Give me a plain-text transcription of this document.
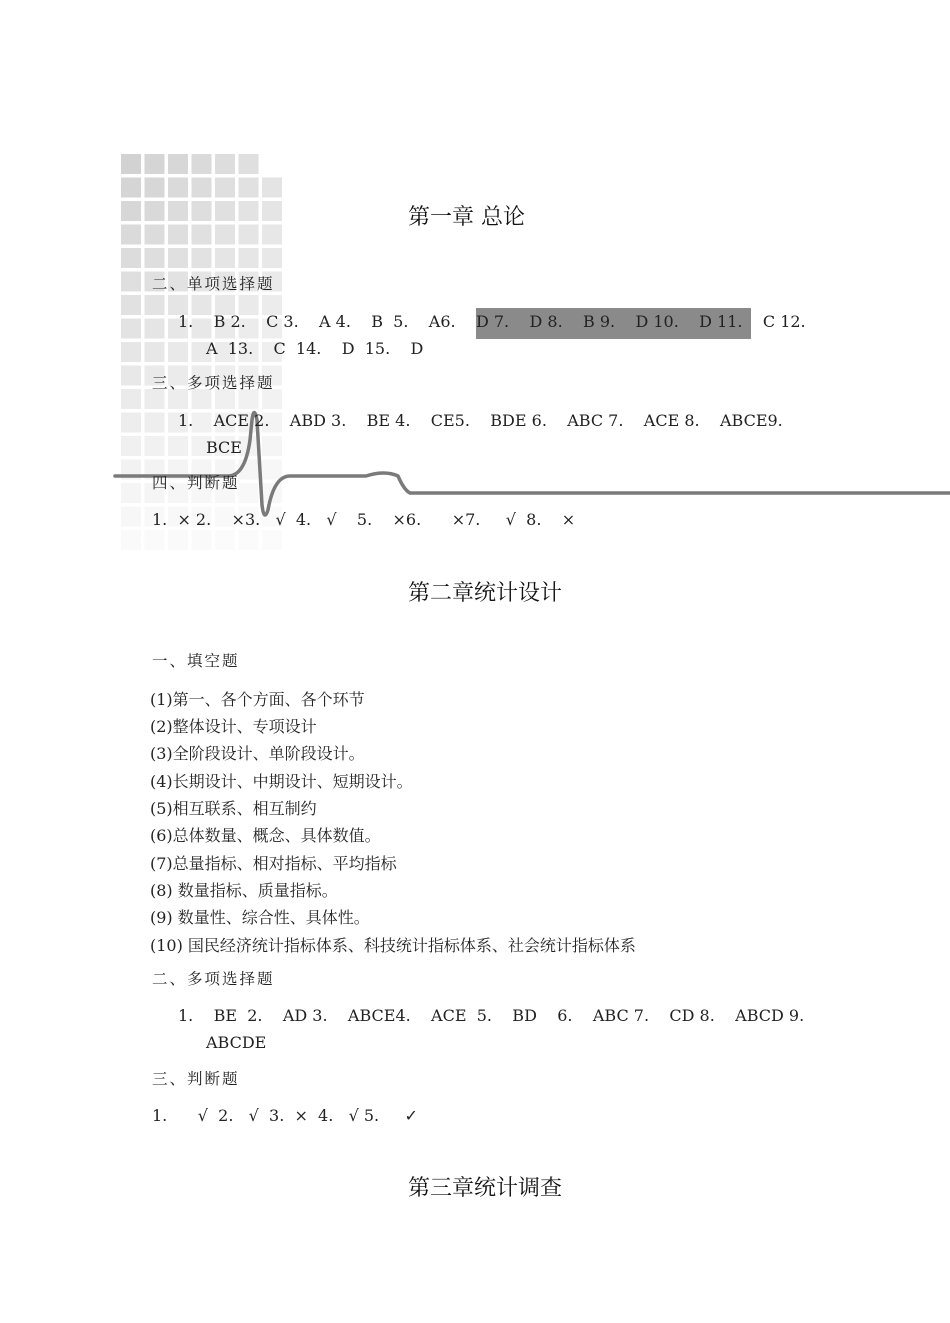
第一章 总论
二、单项选择题
1.    B 2.    C 3.    A 4.    B  5.    A6.    D 7.    D 8.    B 9.    D 10.    D 11.    C 12.
A  13.    C  14.    D  15.    D
三、多项选择题
1.    ACE 2.    ABD 3.    BE 4.    CE5.    BDE 6.    ABC 7.    ACE 8.    ABCE9.
BCE
四、判断题
1.  × 2.    ×3.   √  4.   √    5.    ×6.      ×7.     √  8.    ×
第二章统计设计
一、填空题
(1)第一、各个方面、各个环节
(2)整体设计、专项设计
(3)全阶段设计、单阶段设计。
(4)长期设计、中期设计、短期设计。
(5)相互联系、相互制约
(6)总体数量、概念、具体数值。
(7)总量指标、相对指标、平均指标
(8) 数量指标、质量指标。
(9) 数量性、综合性、具体性。
(10) 国民经济统计指标体系、科技统计指标体系、社会统计指标体系
二、多项选择题
1.    BE  2.    AD 3.    ABCE4.    ACE  5.    BD    6.    ABC 7.    CD 8.    ABCD 9.
ABCDE
三、判断题
1.      √  2.   √  3.  ×  4.   √ 5.     ✓
第三章统计调查
